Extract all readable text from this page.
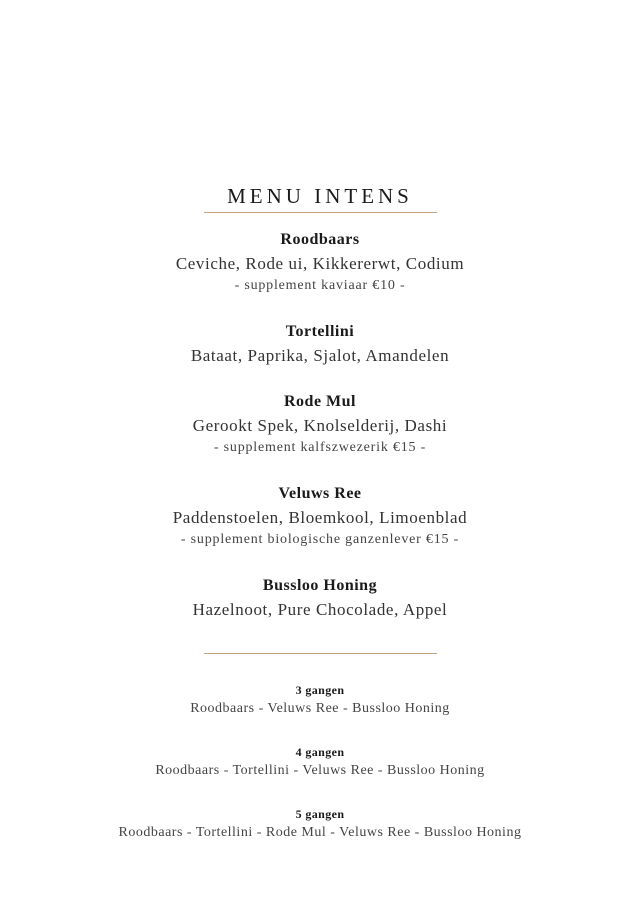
MENU INTENS
Roodbaars
Ceviche, Rode ui, Kikkererwt, Codium
- supplement kaviaar €10 -
Tortellini
Bataat, Paprika, Sjalot, Amandelen
Rode Mul
Gerookt Spek, Knolselderij, Dashi
- supplement kalfszwezerik €15 -
Veluws Ree
Paddenstoelen, Bloemkool, Limoenblad
- supplement biologische ganzenlever €15 -
Bussloo Honing
Hazelnoot, Pure Chocolade, Appel
3 gangen
Roodbaars - Veluws Ree - Bussloo Honing
4 gangen
Roodbaars - Tortellini - Veluws Ree - Bussloo Honing
5 gangen
Roodbaars - Tortellini - Rode Mul - Veluws Ree - Bussloo Honing
